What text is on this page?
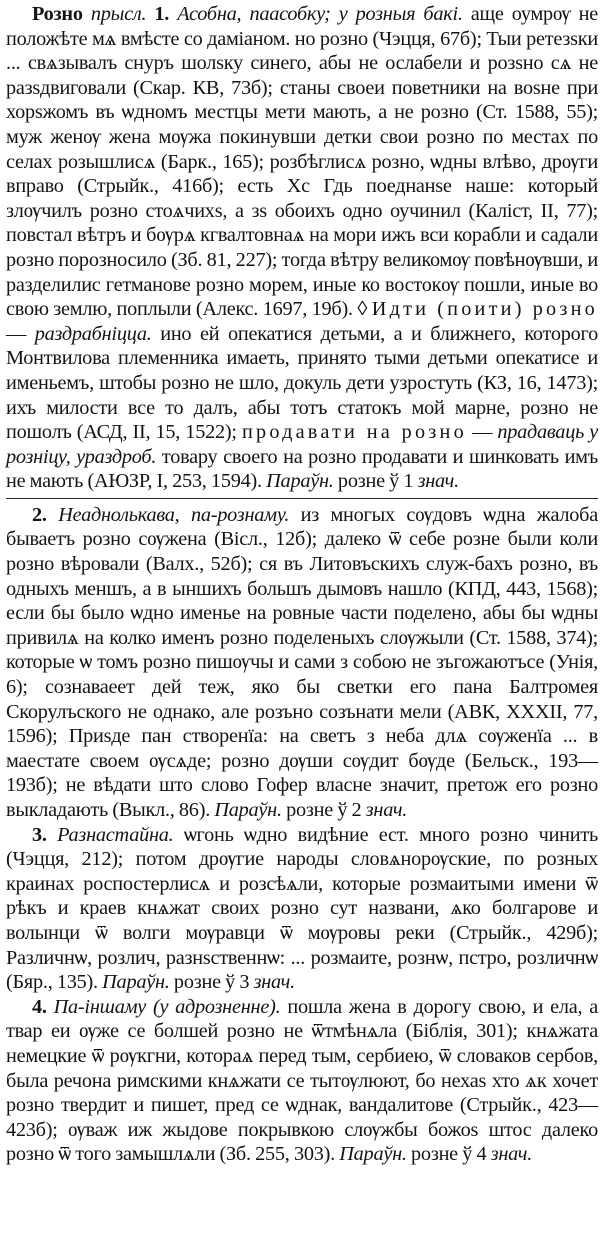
Розно прысл. 1. Асобна, паасобку; у розныя бакі. аще оумрѹ не положѣте мѧ вмѣсте со даміаном. но розно (Чэцця, 67б); Тыи ретезѕки ... свѧзывалъ снуръ шолѕку синего, абы не ослабели и розѕно сѧ не разѕдвиговали (Скар. КВ, 73б); станы своеи поветники на воѕне при хорѕжомъ въ ѡдномъ местцы мети мають, а не розно (Ст. 1588, 55); муж женѹ жена мѹжа покинувши детки свои розно по местах по селах розышлисѧ (Барк., 165); розбѣглисѧ розно, ѡдны влѣво, дрѹги вправо (Стрыйк., 416б); есть Хс Гдь поеднанѕе наше: который злѹчилъ розно стоѧчихѕ, а зѕ обоихъ одно оучинил (Каліст, II, 77); повстал вѣтръ и бѹрѧ кгвалтовнаѧ на мори ижъ вси корабли и садали розно порозносило (Зб. 81, 227); тогда вѣтру великомѹ повѣнѹвши, и разделилис гетманове розно морем, иные ко востокѹ пошли, иные во свою землю, поплыли (Алекс. 1697, 19б). ◊ Идти (поити) розно — раздрабніцца. ино ей опекатися детьми, а и ближнего, которого Монтвилова племенника имаеть, принято тыми детьми опекатисе и именьемъ, штобы розно не шло, докуль дети узростуть (КЗ, 16, 1473); ихъ милости все то далъ, абы тотъ статокъ мой марне, розно не пошолъ (АСД, II, 15, 1522); продавати на розно — прадаваць у розніцу, ураздроб. товару своего на розно продавати и шинковать имъ не мають (АЮЗР, I, 253, 1594). Параўн. розне ў 1 знач.

2. Неаднолькава, па-рознаму. из многых сѹдовъ ѡдна жалоба бываетъ розно сѹжена (Вісл., 12б); далеко ѿ себе розне были коли розно вѣровали (Валх., 52б); ся въ Литовъскихъ служ-бахъ розно, въ одныхъ меншъ, а в ыншихъ большъ дымовъ нашло (КПД, 443, 1568); если бы было ѡдно именье на ровные части поделено, абы бы ѡдны привилѧ на колко именъ розно поделеныхъ слѹжыли (Ст. 1588, 374); которые ѡ томъ розно пишѹчы и сами з собою не зъгожаютъсе (Унія, 6); сознаваеет дей теж, яко бы светки его пана Балтромея Скорулъского не однако, але розъно созънати мели (АВК, XXXII, 77, 1596); Приѕде пан створенїа: на светъ з неба длѧ сѹженїа ... в маестате своем ѹсѧде; розно дѹши сѹдит бѹде (Бельск., 193—193б); не вѣдати што слово Гофер власне значит, претож его розно выкладають (Выкл., 86). Параўн. розне ў 2 знач.

3. Разнастайна. ѡгонь ѡдно видѣние ест. много розно чинить (Чэцця, 212); потом дрѹгие народы словѧнорѹские, по розных краинах роспостерлисѧ и розсѣѧли, которые розмаитыми имени ѿ рѣкъ и краев кнѧжат своих розно сут названи, ѧко болгарове и волынци ѿ волги мѹравци ѿ мѹровы реки (Стрыйк., 429б); Различнѡ, розлич, разнѕственнѡ: ... розмаите, рознѡ, пстро, розличнѡ (Бяр., 135). Параўн. розне ў 3 знач.

4. Па-іншаму (у адрозненне). пошла жена в дорогу свою, и ела, а твар еи ѹже се болшей розно не ѿтмѣнѧла (Біблія, 301); кнѧжата немецкие ѿ рѹкгни, котораѧ перед тым, сербиею, ѿ словаков сербов, была речона римскими кнѧжати се тытѹлюют, бо нехаѕ хто ѧк хочет розно твердит и пишет, пред се ѡднак, вандалитове (Стрыйк., 423—423б); ѹваж иж жыдове покрывкою слѹжбы божоѕ штос далеко розно ѿ того замышлѧли (Зб. 255, 303). Параўн. розне ў 4 знач.
